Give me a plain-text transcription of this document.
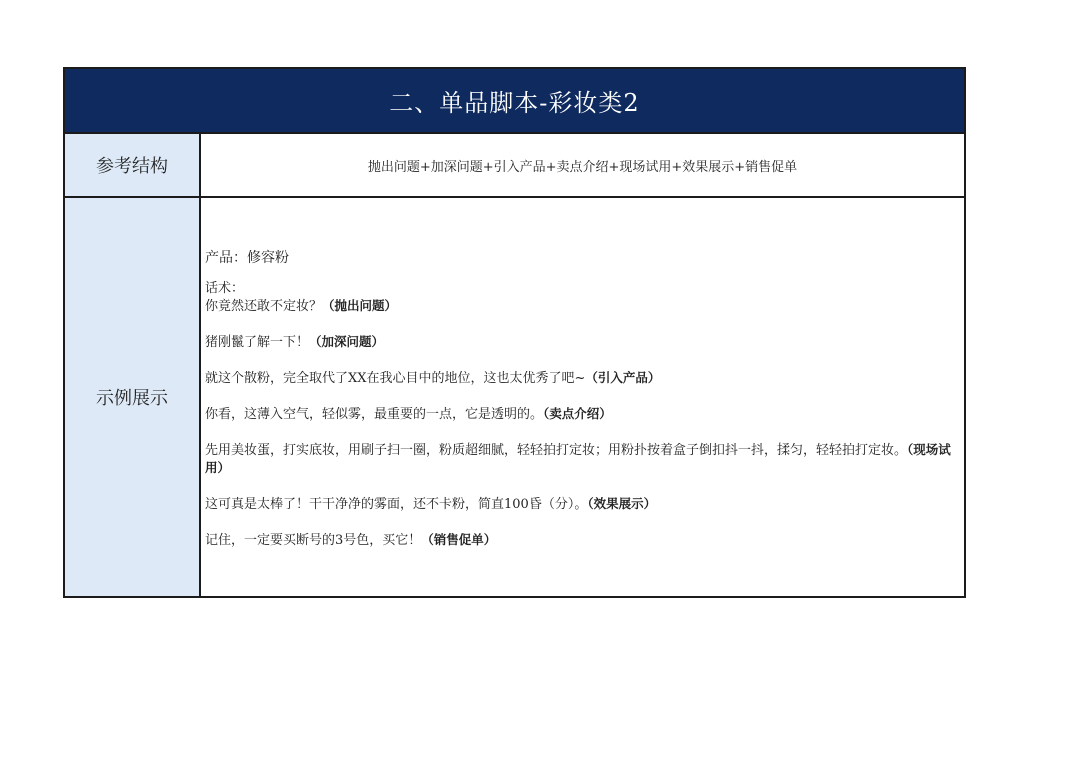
二、单品脚本-彩妆类2
参考结构	抛出问题+加深问题+引入产品+卖点介绍+现场试用+效果展示+销售促单
示例展示
产品：修容粉
话术：
你竟然还敢不定妆？（抛出问题）
猪刚鬣了解一下！（加深问题）
就这个散粉，完全取代了XX在我心目中的地位，这也太优秀了吧~（引入产品）
你看，这薄入空气，轻似雾，最重要的一点，它是透明的。（卖点介绍）
先用美妆蛋，打实底妆，用刷子扫一圈，粉质超细腻，轻轻拍打定妆；用粉扑按着盒子倒扣抖一抖，揉匀，轻轻拍打定妆。（现场试用）
这可真是太棒了！干干净净的雾面，还不卡粉，简直100昏（分）。（效果展示）
记住，一定要买断号的3号色，买它！（销售促单）
